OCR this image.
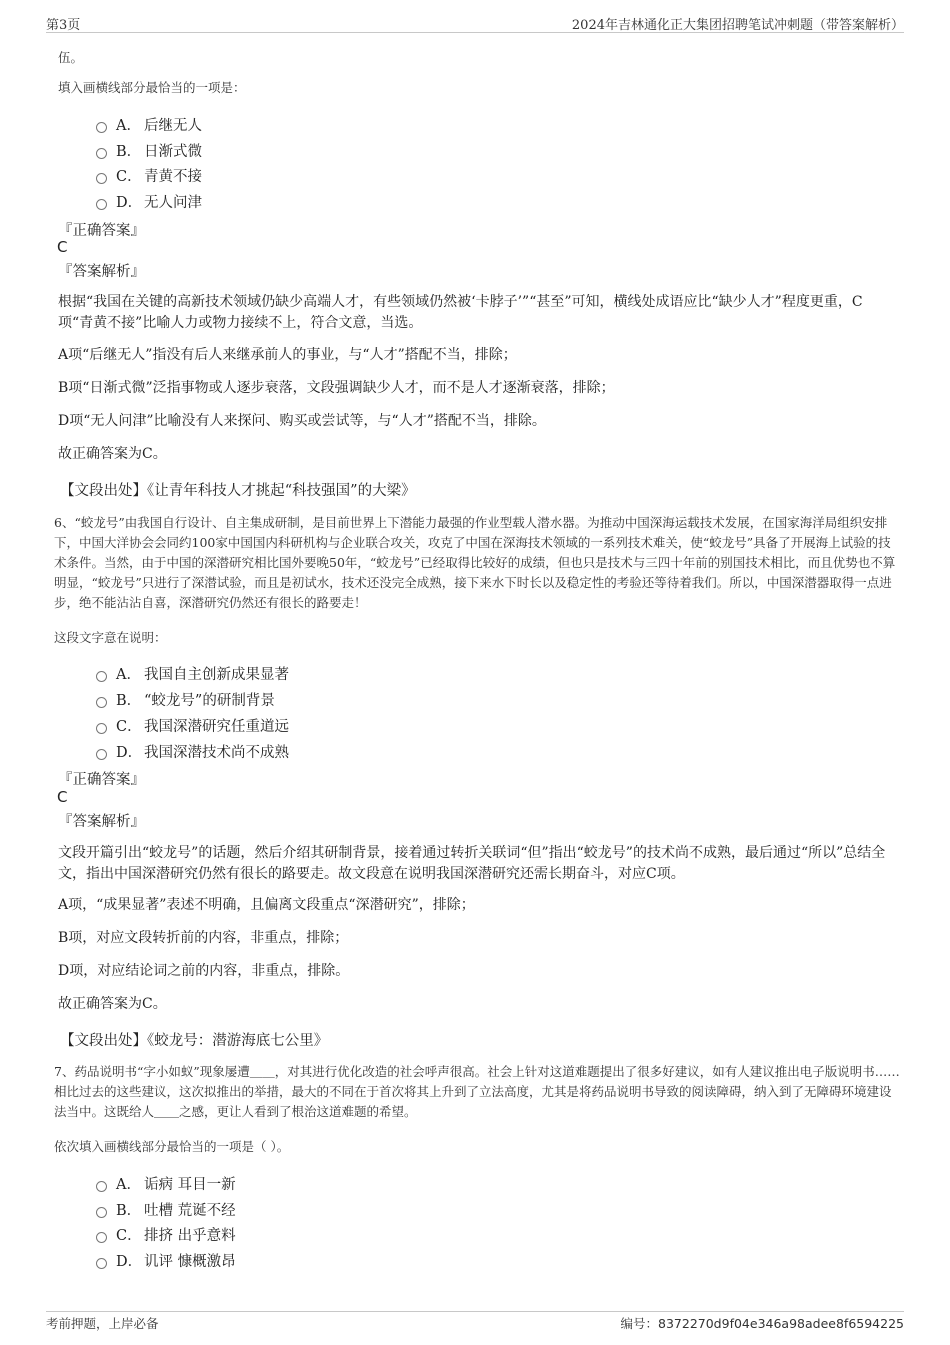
第3页	2024年吉林通化正大集团招聘笔试冲刺题（带答案解析）
伍。
填入画横线部分最恰当的一项是：
A． 后继无人
B． 日渐式微
C． 青黄不接
D． 无人问津
『正确答案』
C
『答案解析』
根据“我国在关键的高新技术领域仍缺少高端人才，有些领域仍然被‘卡脖子’”“甚至”可知，横线处成语应比“缺少人才”程度更重，C项“青黄不接”比喻人力或物力接续不上，符合文意，当选。
A项“后继无人”指没有后人来继承前人的事业，与“人才”搭配不当，排除；
B项“日渐式微”泛指事物或人逐步衰落，文段强调缺少人才，而不是人才逐渐衰落，排除；
D项“无人问津”比喻没有人来探问、购买或尝试等，与“人才”搭配不当，排除。
故正确答案为C。
【文段出处】《让青年科技人才挑起“科技强国”的大梁》
6、“蛟龙号”由我国自行设计、自主集成研制，是目前世界上下潜能力最强的作业型载人潜水器。为推动中国深海运载技术发展，在国家海洋局组织安排下，中国大洋协会会同约100家中国国内科研机构与企业联合攻关，攻克了中国在深海技术领域的一系列技术难关，使“蛟龙号”具备了开展海上试验的技术条件。当然，由于中国的深潜研究相比国外要晚50年，“蛟龙号”已经取得比较好的成绩，但也只是技术与三四十年前的别国技术相比，而且优势也不算明显，“蛟龙号”只进行了深潜试验，而且是初试水，技术还没完全成熟，接下来水下时长以及稳定性的考验还等待着我们。所以，中国深潜器取得一点进步，绝不能沾沾自喜，深潜研究仍然还有很长的路要走！
这段文字意在说明：
A． 我国自主创新成果显著
B． “蛟龙号”的研制背景
C． 我国深潜研究任重道远
D． 我国深潜技术尚不成熟
『正确答案』
C
『答案解析』
文段开篇引出“蛟龙号”的话题，然后介绍其研制背景，接着通过转折关联词“但”指出“蛟龙号”的技术尚不成熟，最后通过“所以”总结全文，指出中国深潜研究仍然有很长的路要走。故文段意在说明我国深潜研究还需长期奋斗，对应C项。
A项，“成果显著”表述不明确，且偏离文段重点“深潜研究”，排除；
B项，对应文段转折前的内容，非重点，排除；
D项，对应结论词之前的内容，非重点，排除。
故正确答案为C。
【文段出处】《蛟龙号：潜游海底七公里》
7、药品说明书“字小如蚁”现象屡遭＿＿，对其进行优化改造的社会呼声很高。社会上针对这道难题提出了很多好建议，如有人建议推出电子版说明书……相比过去的这些建议，这次拟推出的举措，最大的不同在于首次将其上升到了立法高度，尤其是将药品说明书导致的阅读障碍，纳入到了无障碍环境建设法当中。这既给人＿＿之感，更让人看到了根治这道难题的希望。
依次填入画横线部分最恰当的一项是（ ）。
A． 诟病 耳目一新
B． 吐槽 荒诞不经
C． 排挤 出乎意料
D． 讥评 慷概激昂
考前押题，上岸必备	编号：8372270d9f04e346a98adee8f6594225
